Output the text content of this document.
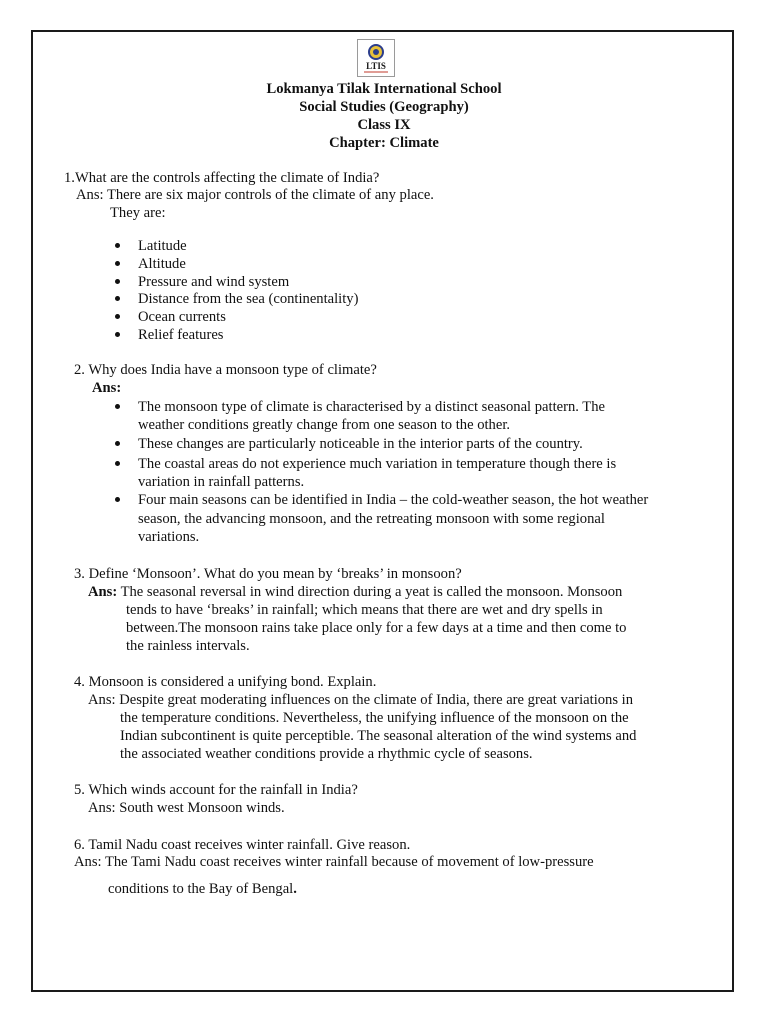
LTIS
Lokmanya Tilak International School
Social Studies (Geography)
Class IX
Chapter: Climate
1.What are the controls affecting the climate of India?
Ans: There are six major controls of the climate of any place.
They are:
Latitude
Altitude
Pressure and wind system
Distance from the sea (continentality)
Ocean currents
Relief features
2. Why does India have a monsoon type of climate?
Ans:
The monsoon type of climate is characterised by a distinct seasonal pattern. The
weather conditions greatly change from one season to the other.
These changes are particularly noticeable in the interior parts of the country.
The coastal areas do not experience much variation in temperature though there is
variation in rainfall patterns.
Four main seasons can be identified in India – the cold-weather season, the hot weather
season, the advancing monsoon, and the retreating monsoon with some regional
variations.
3. Define ‘Monsoon’. What do you mean by ‘breaks’ in monsoon?
Ans: The seasonal reversal in wind direction during a yeat is called the monsoon. Monsoon
tends to have ‘breaks’ in rainfall; which means that there are wet and dry spells in
between.The monsoon rains take place only for a few days at a time and then come to
the rainless intervals.
4. Monsoon is considered a unifying bond. Explain.
Ans: Despite great moderating influences on the climate of India, there are great variations in
the temperature conditions. Nevertheless, the unifying influence of the monsoon on the
Indian subcontinent is quite perceptible. The seasonal alteration of the wind systems and
the associated weather conditions provide a rhythmic cycle of seasons.
5. Which winds account for the rainfall in India?
Ans: South west Monsoon winds.
6. Tamil Nadu coast receives winter rainfall. Give reason.
Ans: The Tami Nadu coast receives winter rainfall because of movement of low-pressure
conditions to the Bay of Bengal.
